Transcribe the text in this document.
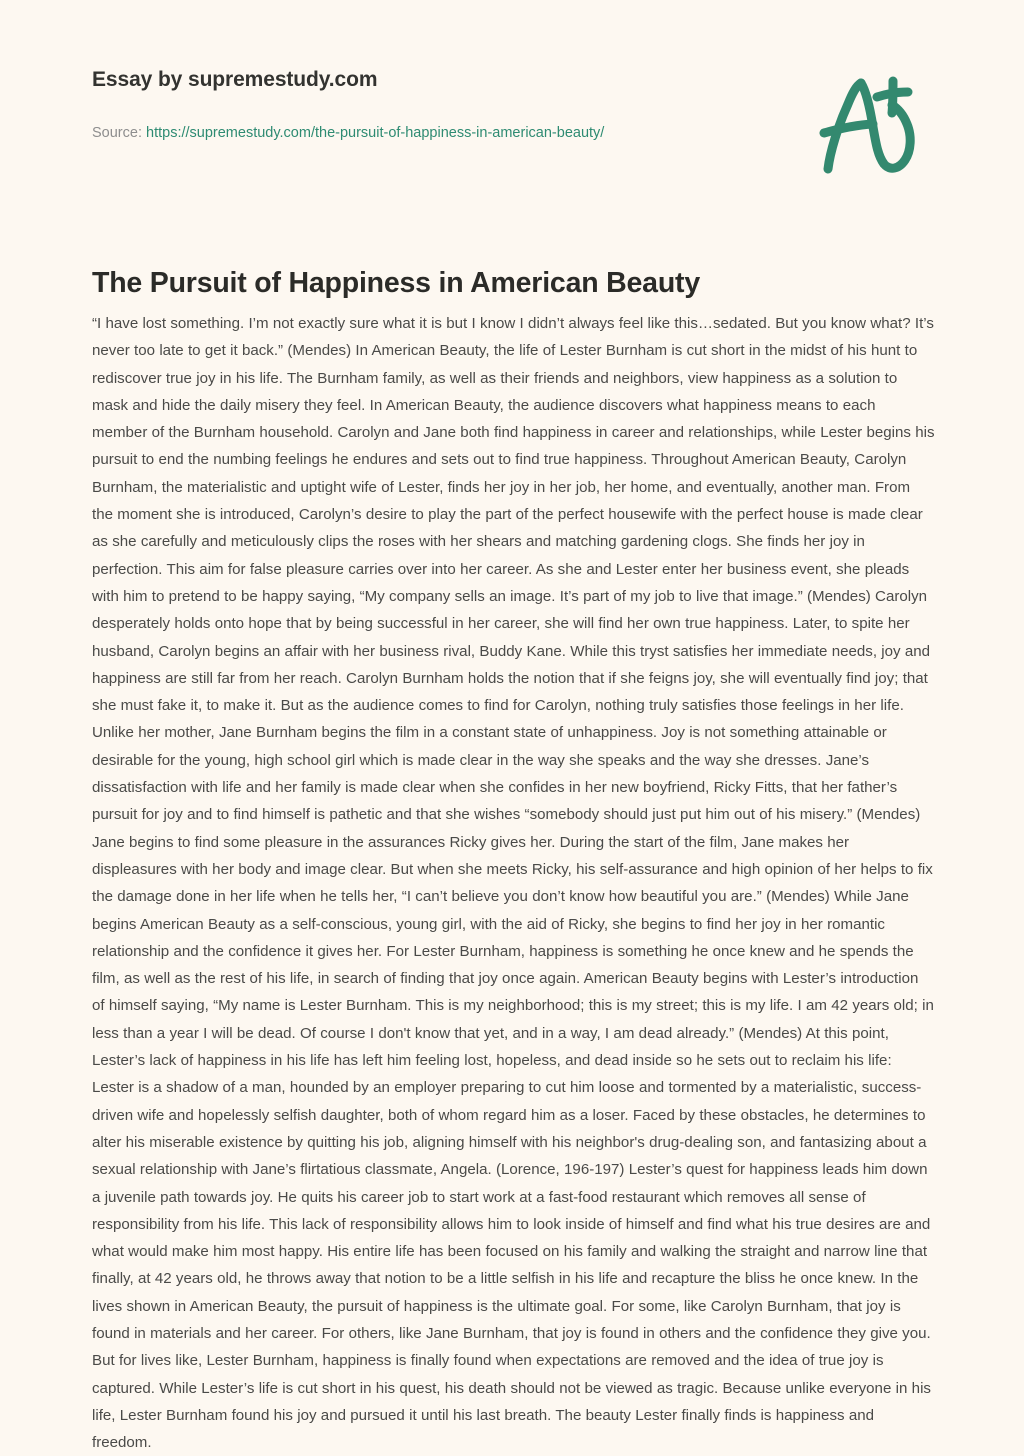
Essay by supremestudy.com
Source: https://supremestudy.com/the-pursuit-of-happiness-in-american-beauty/
The Pursuit of Happiness in American Beauty

“I have lost something. I’m not exactly sure what it is but I know I didn’t always feel like this…sedated. But you know what? It’s never too late to get it back.” (Mendes) In American Beauty, the life of Lester Burnham is cut short in the midst of his hunt to rediscover true joy in his life. The Burnham family, as well as their friends and neighbors, view happiness as a solution to mask and hide the daily misery they feel. In American Beauty, the audience discovers what happiness means to each member of the Burnham household. Carolyn and Jane both find happiness in career and relationships, while Lester begins his pursuit to end the numbing feelings he endures and sets out to find true happiness. Throughout American Beauty, Carolyn Burnham, the materialistic and uptight wife of Lester, finds her joy in her job, her home, and eventually, another man. From the moment she is introduced, Carolyn’s desire to play the part of the perfect housewife with the perfect house is made clear as she carefully and meticulously clips the roses with her shears and matching gardening clogs. She finds her joy in perfection. This aim for false pleasure carries over into her career. As she and Lester enter her business event, she pleads with him to pretend to be happy saying, “My company sells an image. It’s part of my job to live that image.” (Mendes) Carolyn desperately holds onto hope that by being successful in her career, she will find her own true happiness. Later, to spite her husband, Carolyn begins an affair with her business rival, Buddy Kane. While this tryst satisfies her immediate needs, joy and happiness are still far from her reach. Carolyn Burnham holds the notion that if she feigns joy, she will eventually find joy; that she must fake it, to make it. But as the audience comes to find for Carolyn, nothing truly satisfies those feelings in her life. Unlike her mother, Jane Burnham begins the film in a constant state of unhappiness. Joy is not something attainable or desirable for the young, high school girl which is made clear in the way she speaks and the way she dresses. Jane’s dissatisfaction with life and her family is made clear when she confides in her new boyfriend, Ricky Fitts, that her father’s pursuit for joy and to find himself is pathetic and that she wishes “somebody should just put him out of his misery.” (Mendes) Jane begins to find some pleasure in the assurances Ricky gives her. During the start of the film, Jane makes her displeasures with her body and image clear. But when she meets Ricky, his self-assurance and high opinion of her helps to fix the damage done in her life when he tells her, “I can’t believe you don’t know how beautiful you are.” (Mendes) While Jane begins American Beauty as a self-conscious, young girl, with the aid of Ricky, she begins to find her joy in her romantic relationship and the confidence it gives her. For Lester Burnham, happiness is something he once knew and he spends the film, as well as the rest of his life, in search of finding that joy once again. American Beauty begins with Lester’s introduction of himself saying, “My name is Lester Burnham. This is my neighborhood; this is my street; this is my life. I am 42 years old; in less than a year I will be dead. Of course I don't know that yet, and in a way, I am dead already.” (Mendes) At this point, Lester’s lack of happiness in his life has left him feeling lost, hopeless, and dead inside so he sets out to reclaim his life: Lester is a shadow of a man, hounded by an employer preparing to cut him loose and tormented by a materialistic, success-driven wife and hopelessly selfish daughter, both of whom regard him as a loser. Faced by these obstacles, he determines to alter his miserable existence by quitting his job, aligning himself with his neighbor's drug-dealing son, and fantasizing about a sexual relationship with Jane’s flirtatious classmate, Angela. (Lorence, 196-197) Lester’s quest for happiness leads him down a juvenile path towards joy. He quits his career job to start work at a fast-food restaurant which removes all sense of responsibility from his life. This lack of responsibility allows him to look inside of himself and find what his true desires are and what would make him most happy. His entire life has been focused on his family and walking the straight and narrow line that finally, at 42 years old, he throws away that notion to be a little selfish in his life and recapture the bliss he once knew. In the lives shown in American Beauty, the pursuit of happiness is the ultimate goal. For some, like Carolyn Burnham, that joy is found in materials and her career. For others, like Jane Burnham, that joy is found in others and the confidence they give you. But for lives like, Lester Burnham, happiness is finally found when expectations are removed and the idea of true joy is captured. While Lester’s life is cut short in his quest, his death should not be viewed as tragic. Because unlike everyone in his life, Lester Burnham found his joy and pursued it until his last breath. The beauty Lester finally finds is happiness and freedom.
